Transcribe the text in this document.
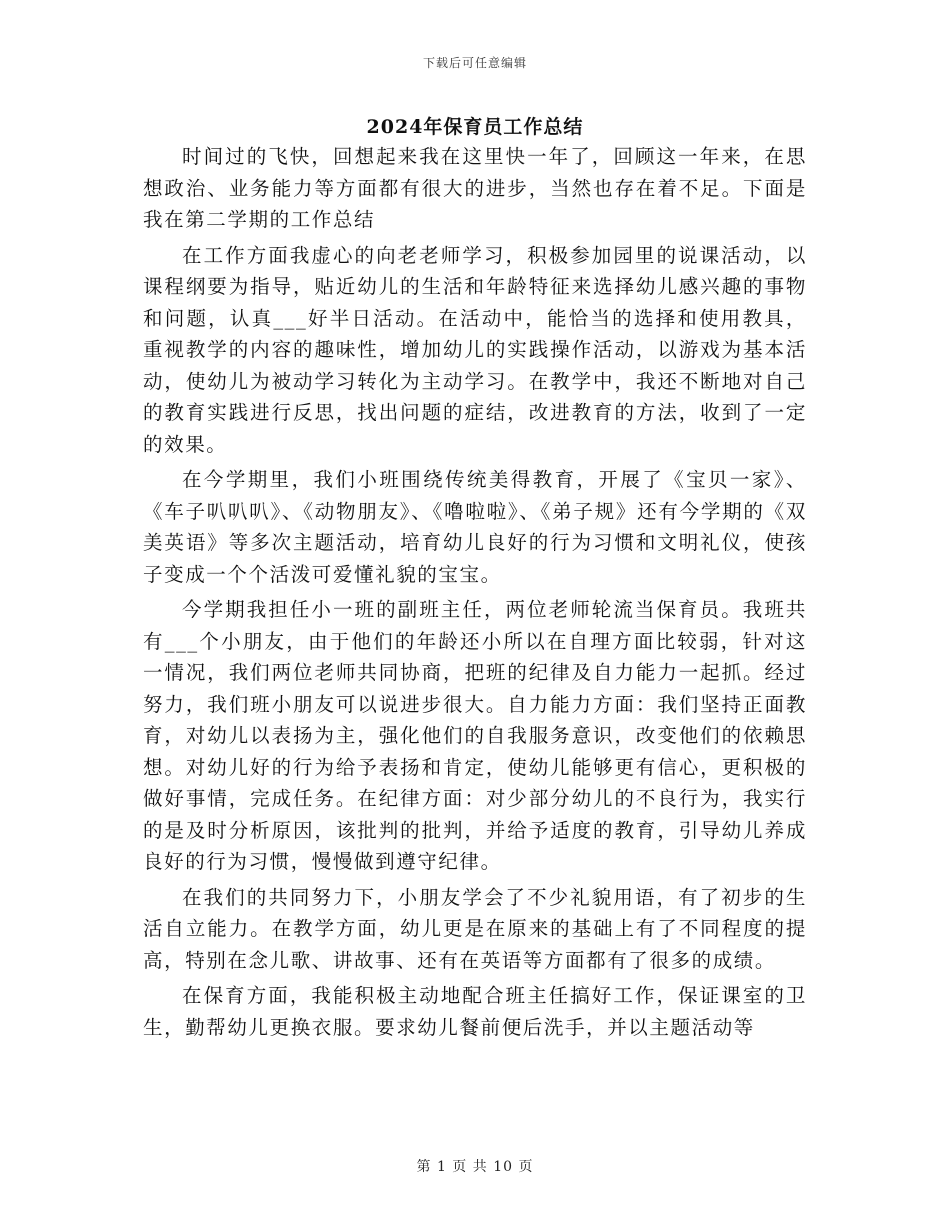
下载后可任意编辑
2024年保育员工作总结

时间过的飞快，回想起来我在这里快一年了，回顾这一年来，在思想政治、业务能力等方面都有很大的进步，当然也存在着不足。下面是我在第二学期的工作总结

在工作方面我虚心的向老老师学习，积极参加园里的说课活动，以课程纲要为指导，贴近幼儿的生活和年龄特征来选择幼儿感兴趣的事物和问题，认真___好半日活动。在活动中，能恰当的选择和使用教具，重视教学的内容的趣味性，增加幼儿的实践操作活动，以游戏为基本活动，使幼儿为被动学习转化为主动学习。在教学中，我还不断地对自己的教育实践进行反思，找出问题的症结，改进教育的方法，收到了一定的效果。

在今学期里，我们小班围绕传统美得教育，开展了《宝贝一家》、《车子叭叭叭》、《动物朋友》、《噜啦啦》、《弟子规》还有今学期的《双美英语》等多次主题活动，培育幼儿良好的行为习惯和文明礼仪，使孩子变成一个个活泼可爱懂礼貌的宝宝。

今学期我担任小一班的副班主任，两位老师轮流当保育员。我班共有___个小朋友，由于他们的年龄还小所以在自理方面比较弱，针对这一情况，我们两位老师共同协商，把班的纪律及自力能力一起抓。经过努力，我们班小朋友可以说进步很大。自力能力方面：我们坚持正面教育，对幼儿以表扬为主，强化他们的自我服务意识，改变他们的依赖思想。对幼儿好的行为给予表扬和肯定，使幼儿能够更有信心，更积极的做好事情，完成任务。在纪律方面：对少部分幼儿的不良行为，我实行的是及时分析原因，该批判的批判，并给予适度的教育，引导幼儿养成良好的行为习惯，慢慢做到遵守纪律。

在我们的共同努力下，小朋友学会了不少礼貌用语，有了初步的生活自立能力。在教学方面，幼儿更是在原来的基础上有了不同程度的提高，特别在念儿歌、讲故事、还有在英语等方面都有了很多的成绩。

在保育方面，我能积极主动地配合班主任搞好工作，保证课室的卫生，勤帮幼儿更换衣服。要求幼儿餐前便后洗手，并以主题活动等

第 1 页 共 10 页
